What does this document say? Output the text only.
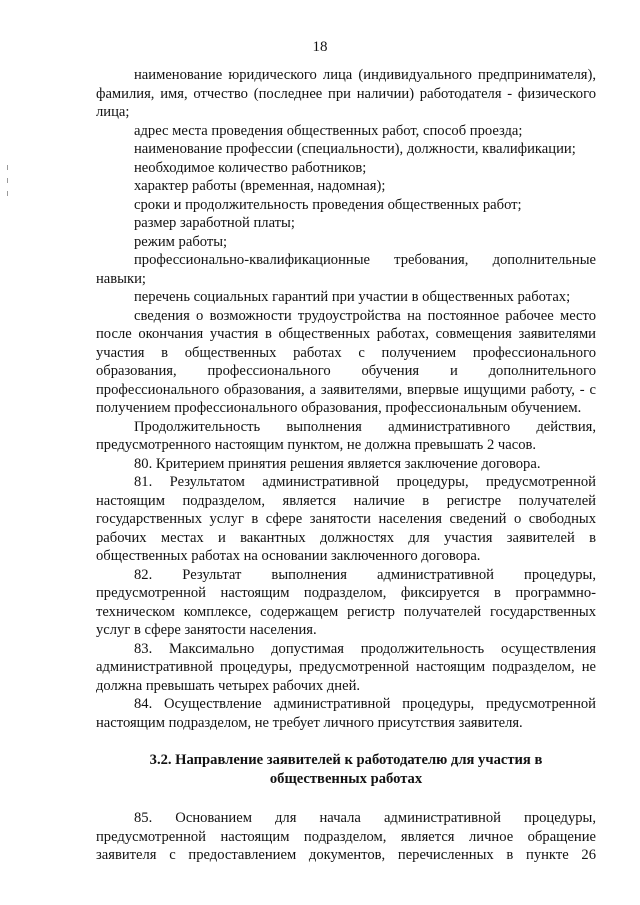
18

наименование юридического лица (индивидуального предпринимателя), фамилия, имя, отчество (последнее при наличии) работодателя - физического лица;

адрес места проведения общественных работ, способ проезда;

наименование профессии (специальности), должности, квалификации;

необходимое количество работников;

характер работы (временная, надомная);

сроки и продолжительность проведения общественных работ;

размер заработной платы;

режим работы;

профессионально-квалификационные требования, дополнительные навыки;

перечень социальных гарантий при участии в общественных работах;

сведения о возможности трудоустройства на постоянное рабочее место после окончания участия в общественных работах, совмещения заявителями участия в общественных работах с получением профессионального образования, профессионального обучения и дополнительного профессионального образования, а заявителями, впервые ищущими работу, - с получением профессионального образования, профессиональным обучением.

Продолжительность выполнения административного действия, предусмотренного настоящим пунктом, не должна превышать 2 часов.

80. Критерием принятия решения является заключение договора.

81. Результатом административной процедуры, предусмотренной настоящим подразделом, является наличие в регистре получателей государственных услуг в сфере занятости населения сведений о свободных рабочих местах и вакантных должностях для участия заявителей в общественных работах на основании заключенного договора.

82. Результат выполнения административной процедуры, предусмотренной настоящим подразделом, фиксируется в программно-техническом комплексе, содержащем регистр получателей государственных услуг в сфере занятости населения.

83. Максимально допустимая продолжительность осуществления административной процедуры, предусмотренной настоящим подразделом, не должна превышать четырех рабочих дней.

84. Осуществление административной процедуры, предусмотренной настоящим подразделом, не требует личного присутствия заявителя.

3.2. Направление заявителей к работодателю для участия в
общественных работах

85. Основанием для начала административной процедуры, предусмотренной настоящим подразделом, является личное обращение заявителя с предоставлением документов, перечисленных в пункте 26
